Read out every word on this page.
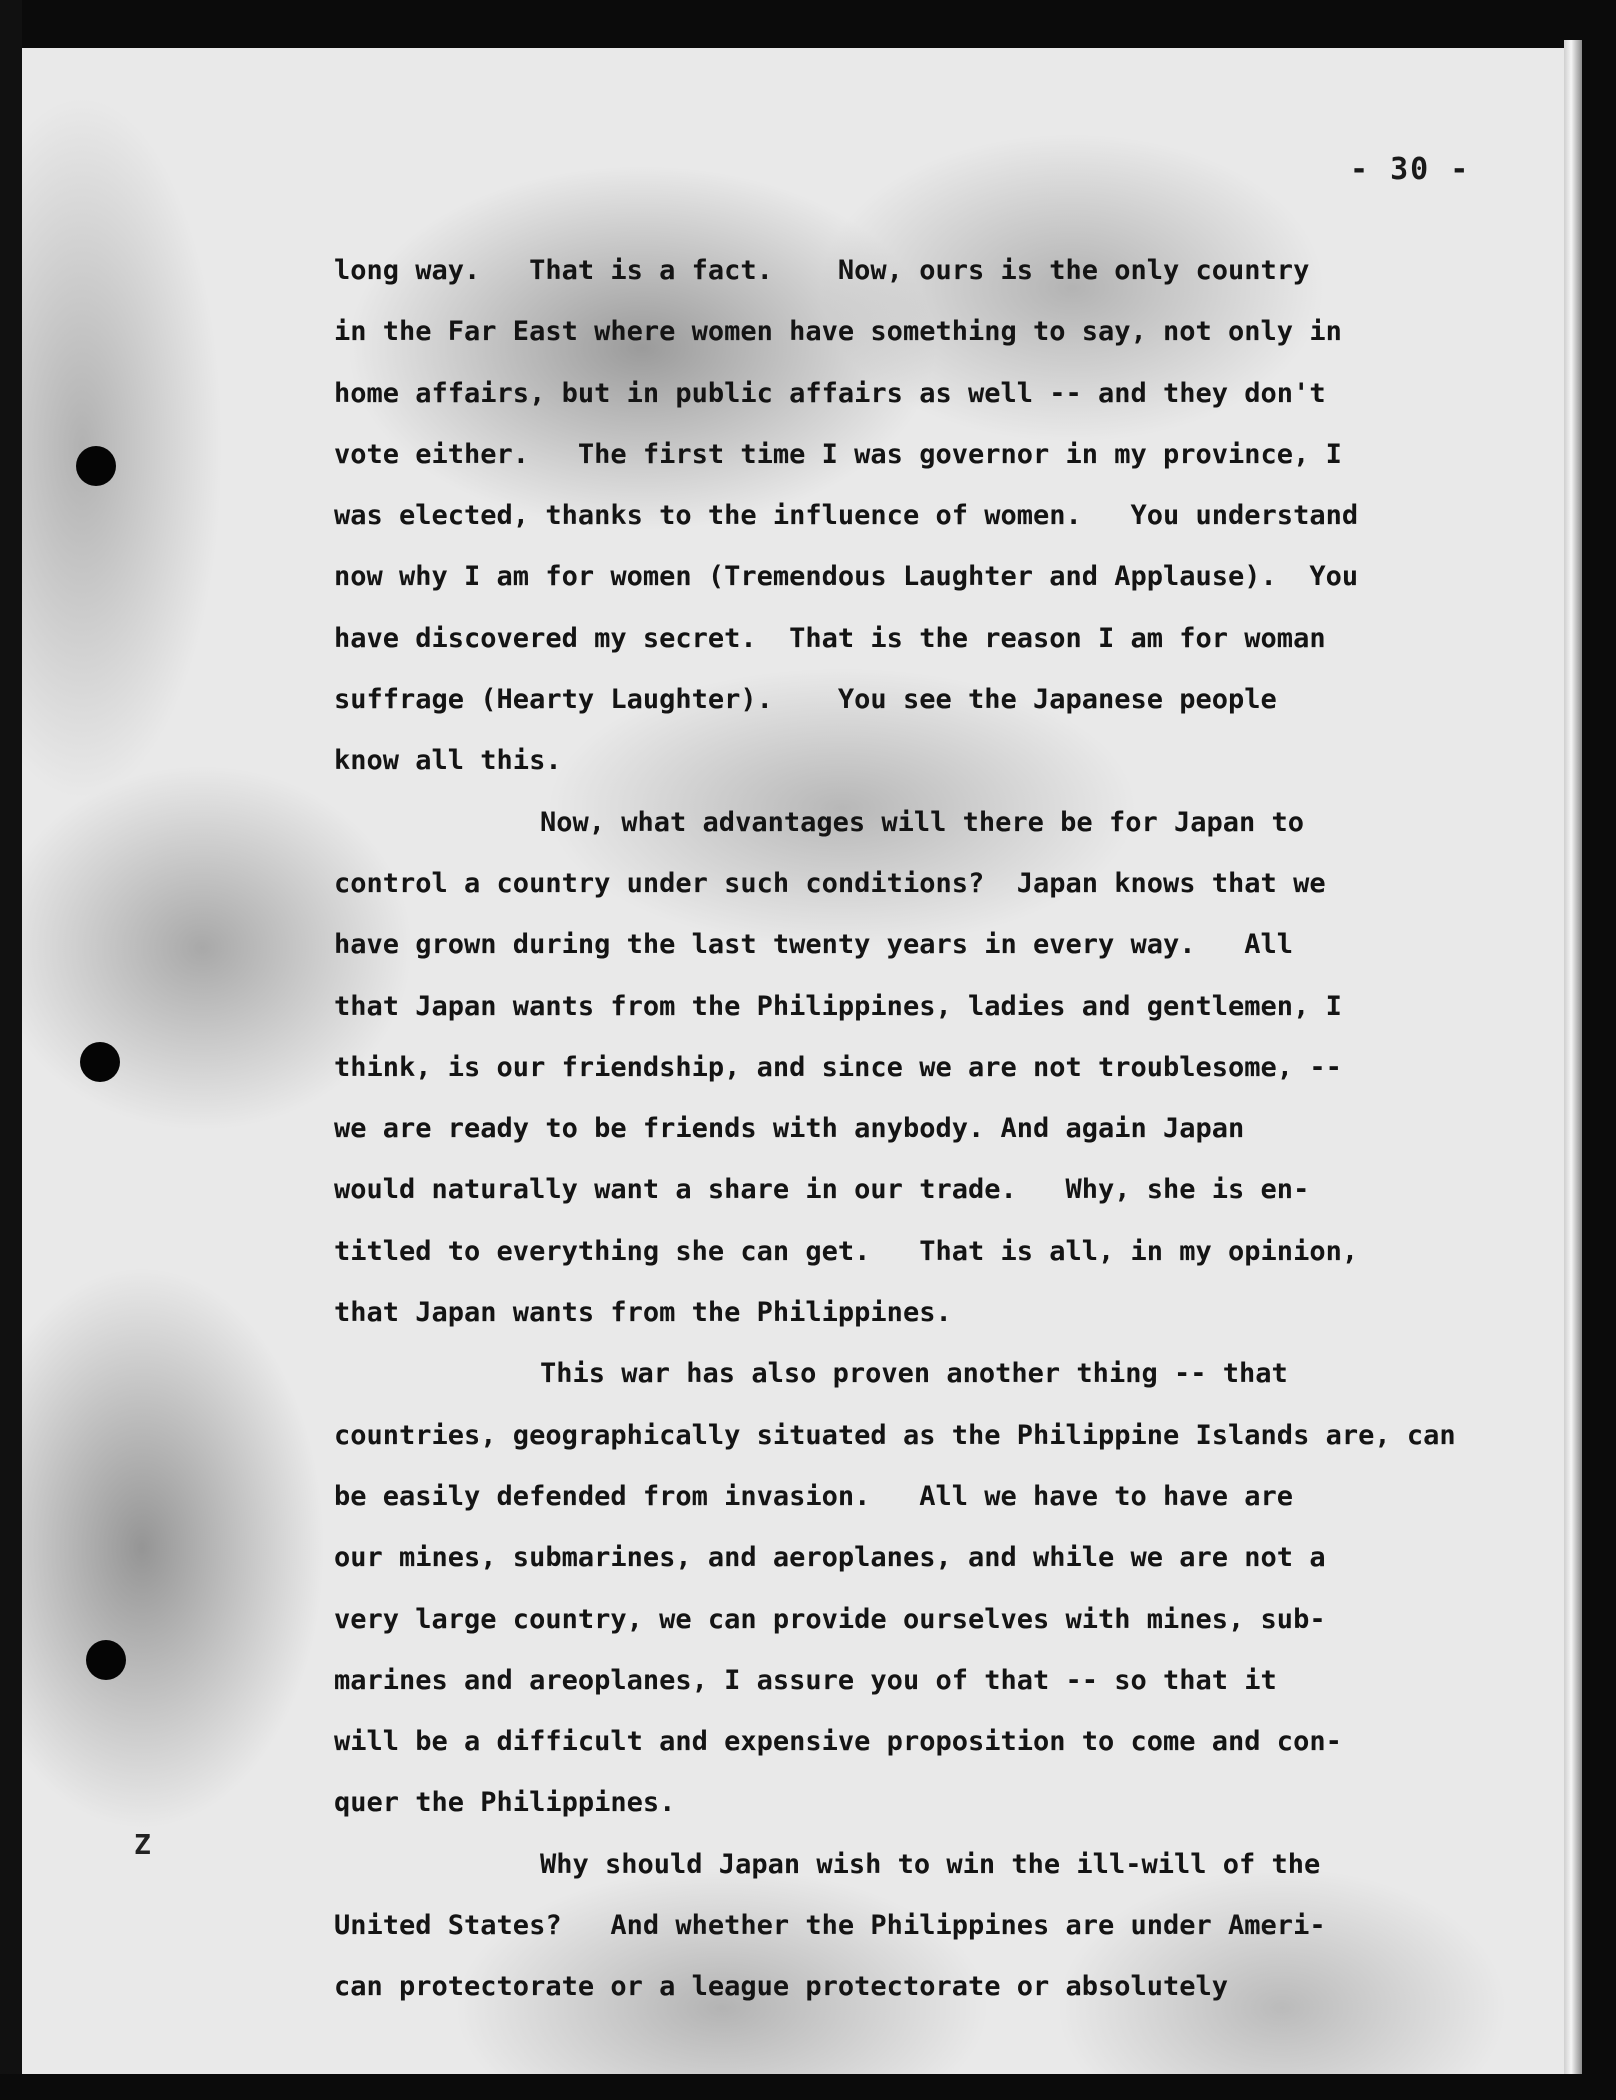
- 30 -
Z
long way.   That is a fact.    Now, ours is the only country
in the Far East where women have something to say, not only in
home affairs, but in public affairs as well -- and they don't
vote either.   The first time I was governor in my province, I
was elected, thanks to the influence of women.   You understand
now why I am for women (Tremendous Laughter and Applause).  You
have discovered my secret.  That is the reason I am for woman
suffrage (Hearty Laughter).    You see the Japanese people
know all this.
Now, what advantages will there be for Japan to
control a country under such conditions?  Japan knows that we
have grown during the last twenty years in every way.   All
that Japan wants from the Philippines, ladies and gentlemen, I
think, is our friendship, and since we are not troublesome, --
we are ready to be friends with anybody. And again Japan
would naturally want a share in our trade.   Why, she is en-
titled to everything she can get.   That is all, in my opinion,
that Japan wants from the Philippines.
This war has also proven another thing -- that
countries, geographically situated as the Philippine Islands are, can
be easily defended from invasion.   All we have to have are
our mines, submarines, and aeroplanes, and while we are not a
very large country, we can provide ourselves with mines, sub-
marines and areoplanes, I assure you of that -- so that it
will be a difficult and expensive proposition to come and con-
quer the Philippines.
Why should Japan wish to win the ill-will of the
United States?   And whether the Philippines are under Ameri-
can protectorate or a league protectorate or absolutely
